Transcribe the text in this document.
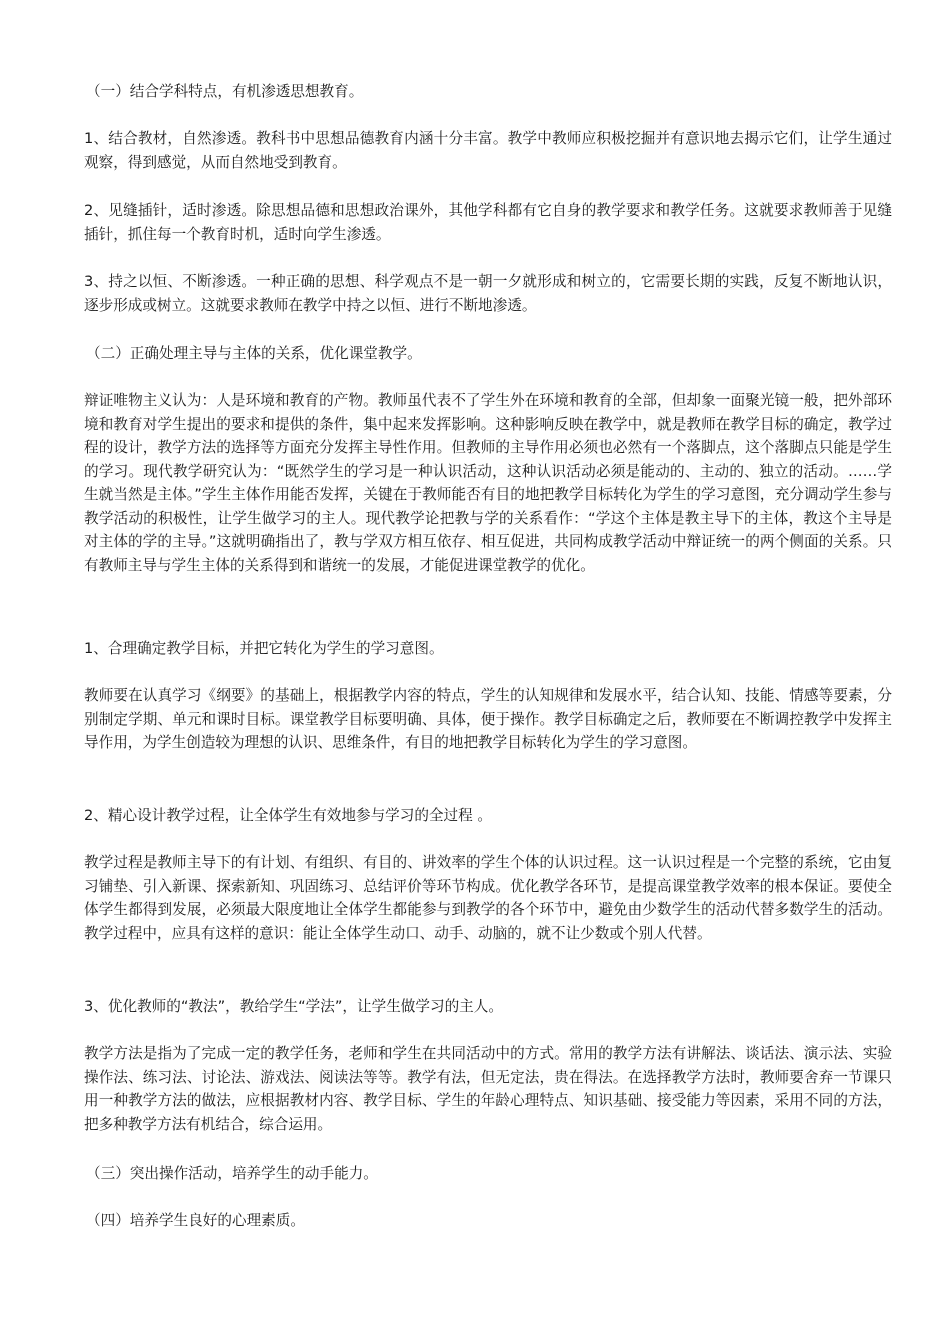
（一）结合学科特点，有机渗透思想教育。

1、结合教材，自然渗透。教科书中思想品德教育内涵十分丰富。教学中教师应积极挖掘并有意识地去揭示它们，让学生通过观察，得到感觉，从而自然地受到教育。

2、见缝插针，适时渗透。除思想品德和思想政治课外，其他学科都有它自身的教学要求和教学任务。这就要求教师善于见缝插针，抓住每一个教育时机，适时向学生渗透。

3、持之以恒、不断渗透。一种正确的思想、科学观点不是一朝一夕就形成和树立的，它需要长期的实践，反复不断地认识，逐步形成或树立。这就要求教师在教学中持之以恒、进行不断地渗透。

（二）正确处理主导与主体的关系，优化课堂教学。

辩证唯物主义认为：人是环境和教育的产物。教师虽代表不了学生外在环境和教育的全部，但却象一面聚光镜一般，把外部环境和教育对学生提出的要求和提供的条件，集中起来发挥影响。这种影响反映在教学中，就是教师在教学目标的确定，教学过程的设计，教学方法的选择等方面充分发挥主导性作用。但教师的主导作用必须也必然有一个落脚点，这个落脚点只能是学生的学习。现代教学研究认为：“既然学生的学习是一种认识活动，这种认识活动必须是能动的、主动的、独立的活动。……学生就当然是主体。”学生主体作用能否发挥，关键在于教师能否有目的地把教学目标转化为学生的学习意图，充分调动学生参与教学活动的积极性，让学生做学习的主人。现代教学论把教与学的关系看作：“学这个主体是教主导下的主体，教这个主导是对主体的学的主导。”这就明确指出了，教与学双方相互依存、相互促进，共同构成教学活动中辩证统一的两个侧面的关系。只有教师主导与学生主体的关系得到和谐统一的发展，才能促进课堂教学的优化。

1、合理确定教学目标，并把它转化为学生的学习意图。

教师要在认真学习《纲要》的基础上，根据教学内容的特点，学生的认知规律和发展水平，结合认知、技能、情感等要素，分别制定学期、单元和课时目标。课堂教学目标要明确、具体，便于操作。教学目标确定之后，教师要在不断调控教学中发挥主导作用，为学生创造较为理想的认识、思维条件，有目的地把教学目标转化为学生的学习意图。

2、精心设计教学过程，让全体学生有效地参与学习的全过程 。

教学过程是教师主导下的有计划、有组织、有目的、讲效率的学生个体的认识过程。这一认识过程是一个完整的系统，它由复习铺垫、引入新课、探索新知、巩固练习、总结评价等环节构成。优化教学各环节，是提高课堂教学效率的根本保证。要使全体学生都得到发展，必须最大限度地让全体学生都能参与到教学的各个环节中，避免由少数学生的活动代替多数学生的活动。教学过程中，应具有这样的意识：能让全体学生动口、动手、动脑的，就不让少数或个别人代替。

3、优化教师的“教法”，教给学生“学法”，让学生做学习的主人。

教学方法是指为了完成一定的教学任务，老师和学生在共同活动中的方式。常用的教学方法有讲解法、谈话法、演示法、实验操作法、练习法、讨论法、游戏法、阅读法等等。教学有法，但无定法，贵在得法。在选择教学方法时，教师要舍弃一节课只用一种教学方法的做法，应根据教材内容、教学目标、学生的年龄心理特点、知识基础、接受能力等因素，采用不同的方法，把多种教学方法有机结合，综合运用。

（三）突出操作活动，培养学生的动手能力。

（四）培养学生良好的心理素质。
